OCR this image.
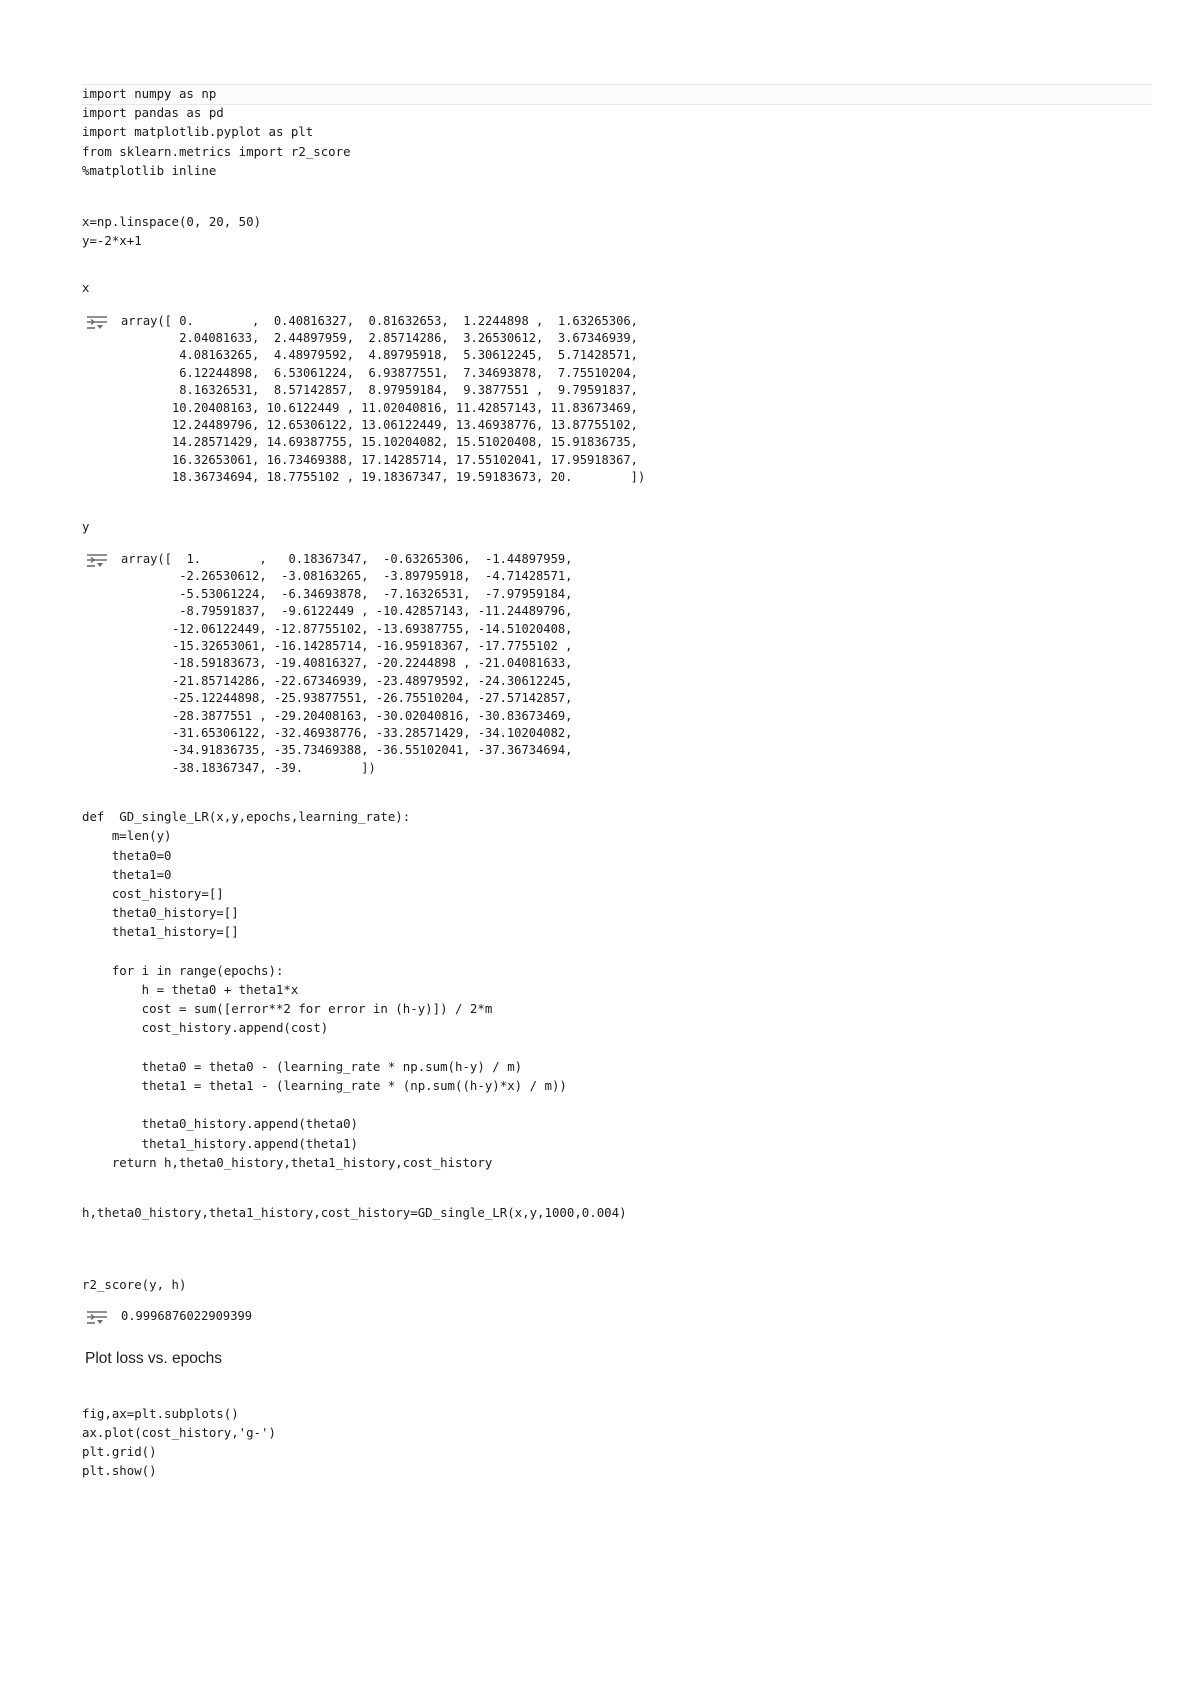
import numpy as np
import pandas as pd
import matplotlib.pyplot as plt
from sklearn.metrics import r2_score
%matplotlib inline
x=np.linspace(0, 20, 50)
y=-2*x+1
x
array([ 0.        ,  0.40816327,  0.81632653,  1.2244898 ,  1.63265306,
2.04081633,  2.44897959,  2.85714286,  3.26530612,  3.67346939,
4.08163265,  4.48979592,  4.89795918,  5.30612245,  5.71428571,
6.12244898,  6.53061224,  6.93877551,  7.34693878,  7.75510204,
8.16326531,  8.57142857,  8.97959184,  9.3877551 ,  9.79591837,
10.20408163, 10.6122449 , 11.02040816, 11.42857143, 11.83673469,
12.24489796, 12.65306122, 13.06122449, 13.46938776, 13.87755102,
14.28571429, 14.69387755, 15.10204082, 15.51020408, 15.91836735,
16.32653061, 16.73469388, 17.14285714, 17.55102041, 17.95918367,
18.36734694, 18.7755102 , 19.18367347, 19.59183673, 20.        ])
y
array([  1.        ,   0.18367347,  -0.63265306,  -1.44897959,
-2.26530612,  -3.08163265,  -3.89795918,  -4.71428571,
-5.53061224,  -6.34693878,  -7.16326531,  -7.97959184,
-8.79591837,  -9.6122449 , -10.42857143, -11.24489796,
-12.06122449, -12.87755102, -13.69387755, -14.51020408,
-15.32653061, -16.14285714, -16.95918367, -17.7755102 ,
-18.59183673, -19.40816327, -20.2244898 , -21.04081633,
-21.85714286, -22.67346939, -23.48979592, -24.30612245,
-25.12244898, -25.93877551, -26.75510204, -27.57142857,
-28.3877551 , -29.20408163, -30.02040816, -30.83673469,
-31.65306122, -32.46938776, -33.28571429, -34.10204082,
-34.91836735, -35.73469388, -36.55102041, -37.36734694,
-38.18367347, -39.        ])
def  GD_single_LR(x,y,epochs,learning_rate):
m=len(y)
theta0=0
theta1=0
cost_history=[]
theta0_history=[]
theta1_history=[]

for i in range(epochs):
h = theta0 + theta1*x
cost = sum([error**2 for error in (h-y)]) / 2*m
cost_history.append(cost)

theta0 = theta0 - (learning_rate * np.sum(h-y) / m)
theta1 = theta1 - (learning_rate * (np.sum((h-y)*x) / m))

theta0_history.append(theta0)
theta1_history.append(theta1)
return h,theta0_history,theta1_history,cost_history
h,theta0_history,theta1_history,cost_history=GD_single_LR(x,y,1000,0.004)
r2_score(y, h)
0.9996876022909399

Plot loss vs. epochs

fig,ax=plt.subplots()
ax.plot(cost_history,'g-')
plt.grid()
plt.show()
